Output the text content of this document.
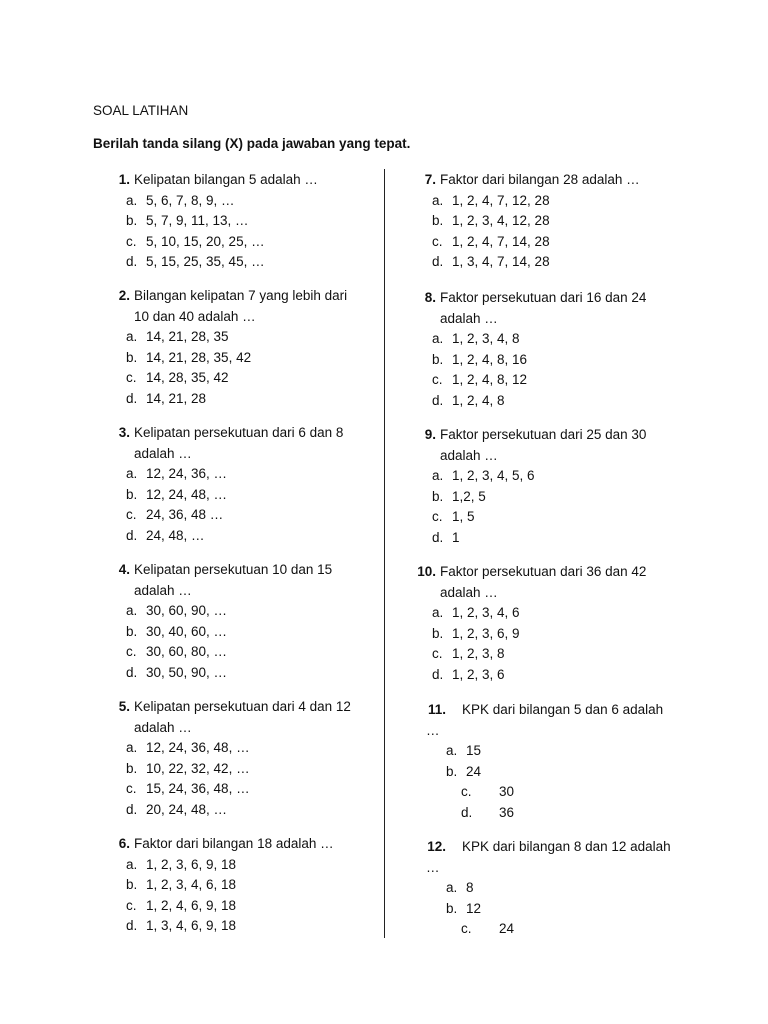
SOAL LATIHAN
Berilah tanda silang (X) pada jawaban yang tepat.
1. Kelipatan bilangan 5 adalah …
a. 5, 6, 7, 8, 9, …
b. 5, 7, 9, 11, 13, …
c. 5, 10, 15, 20, 25, …
d. 5, 15, 25, 35, 45, …
2. Bilangan kelipatan 7 yang lebih dari
10 dan 40 adalah …
a. 14, 21, 28, 35
b. 14, 21, 28, 35, 42
c. 14, 28, 35, 42
d. 14, 21, 28
3. Kelipatan persekutuan dari 6 dan 8
adalah …
a. 12, 24, 36, …
b. 12, 24, 48, …
c. 24, 36, 48 …
d. 24, 48, …
4. Kelipatan persekutuan 10 dan 15
adalah …
a. 30, 60, 90, …
b. 30, 40, 60, …
c. 30, 60, 80, …
d. 30, 50, 90, …
5. Kelipatan persekutuan dari 4 dan 12
adalah …
a. 12, 24, 36, 48, …
b. 10, 22, 32, 42, …
c. 15, 24, 36, 48, …
d. 20, 24, 48, …
6. Faktor dari bilangan 18 adalah …
a. 1, 2, 3, 6, 9, 18
b. 1, 2, 3, 4, 6, 18
c. 1, 2, 4, 6, 9, 18
d. 1, 3, 4, 6, 9, 18
7. Faktor dari bilangan 28 adalah …
a. 1, 2, 4, 7, 12, 28
b. 1, 2, 3, 4, 12, 28
c. 1, 2, 4, 7, 14, 28
d. 1, 3, 4, 7, 14, 28
8. Faktor persekutuan dari 16 dan 24
adalah …
a. 1, 2, 3, 4, 8
b. 1, 2, 4, 8, 16
c. 1, 2, 4, 8, 12
d. 1, 2, 4, 8
9. Faktor persekutuan dari 25 dan 30
adalah …
a. 1, 2, 3, 4, 5, 6
b. 1,2, 5
c. 1, 5
d. 1
10. Faktor persekutuan dari 36 dan 42
adalah …
a. 1, 2, 3, 4, 6
b. 1, 2, 3, 6, 9
c. 1, 2, 3, 8
d. 1, 2, 3, 6
11. KPK dari bilangan 5 dan 6 adalah
…
a. 15
b. 24
c. 30
d. 36
12. KPK dari bilangan 8 dan 12 adalah
…
a. 8
b. 12
c. 24
